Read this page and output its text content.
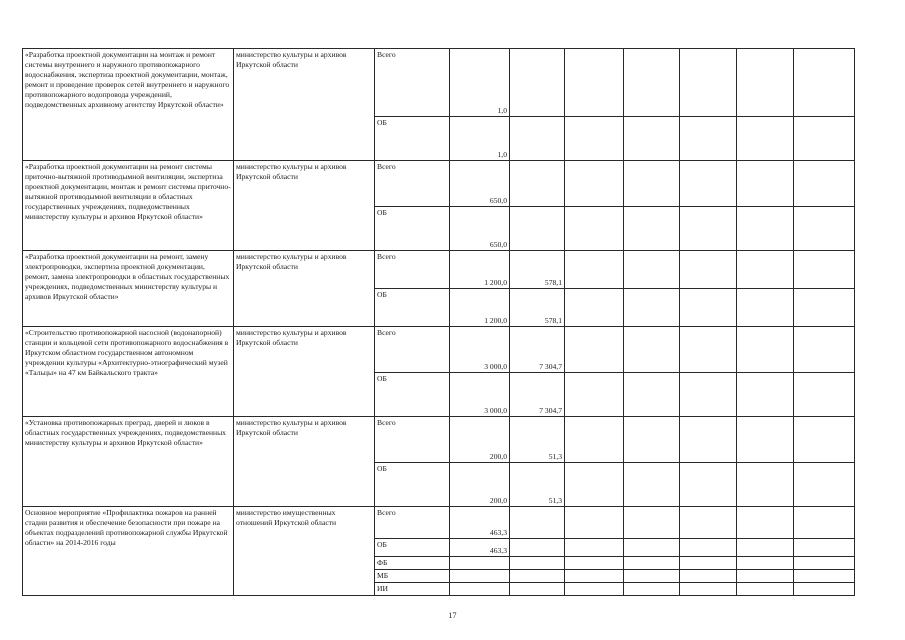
«Разработка проектной документации на монтаж и ремонт системы внутреннего и наружного противопожарного водоснабжения, экспертиза проектной документации, монтаж, ремонт и проведение проверок сетей внутреннего и наружного противопожарного водопровода учреждений, подведомственных архивному агентству Иркутской области»	министерство культуры и архивов Иркутской области	Всего	1,0						
		ОБ	1,0						
«Разработка проектной документации на ремонт системы приточно-вытяжной противодымной вентиляции, экспертиза проектной документации, монтаж и ремонт системы приточно-вытяжной противодымной вентиляции в областных государственных учреждениях, подведомственных министерству культуры и архивов Иркутской области»	министерство культуры и архивов Иркутской области	Всего	650,0						
		ОБ	650,0						
«Разработка проектной документации на ремонт, замену электропроводки, экспертиза проектной документации, ремонт, замена электропроводки в областных государственных учреждениях, подведомственных министерству культуры и архивов Иркутской области»	министерство культуры и архивов Иркутской области	Всего	1 200,0	578,1					
		ОБ	1 200,0	578,1					
«Строительство противопожарной насосной (водонапорной) станции и кольцевой сети противопожарного водоснабжения в Иркутском областном государственном автономном учреждении культуры «Архитектурно-этнографический музей «Тальцы» на 47 км Байкальского тракта»	министерство культуры и архивов Иркутской области	Всего	3 000,0	7 304,7					
		ОБ	3 000,0	7 304,7					
«Установка противопожарных преград, дверей и люков в областных государственных учреждениях, подведомственных министерству культуры и архивов Иркутской области»	министерство культуры и архивов Иркутской области	Всего	200,0	51,3					
		ОБ	200,0	51,3					
Основное мероприятие «Профилактика пожаров на ранней стадии развития и обеспечение безопасности при пожаре на объектах подразделений противопожарной службы Иркутской области» на 2014-2016 годы	министерство имущественных отношений Иркутской области	Всего	463,3						
		ОБ	463,3						
		ФБ							
		МБ							
		ИИ							
17
